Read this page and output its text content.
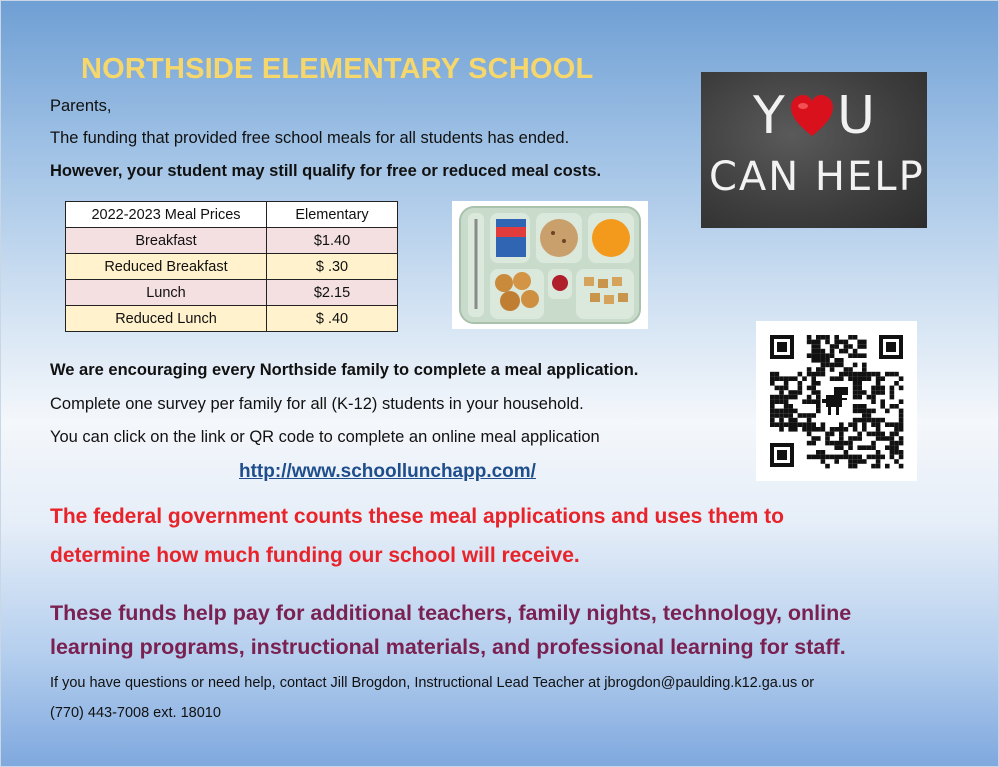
NORTHSIDE ELEMENTARY SCHOOL
Parents,
The funding that provided free school meals for all students has ended.
However, your student may still qualify for free or reduced meal costs.
2022-2023 Meal Prices	Elementary
Breakfast	$1.40
Reduced Breakfast	$ .30
Lunch	$2.15
Reduced Lunch	$ .40
Y U
CAN HELP
We are encouraging every Northside family to complete a meal application.
Complete one survey per family for all (K-12) students in your household.
You can click on the link or QR code to complete an online meal application
http://www.schoollunchapp.com/
The federal government counts these meal applications and uses them to
determine how much funding our school will receive.
These funds help pay for additional teachers, family nights, technology, online
learning programs, instructional materials, and professional learning for staff.
If you have questions or need help, contact Jill Brogdon, Instructional Lead Teacher at jbrogdon@paulding.k12.ga.us or
(770) 443-7008 ext. 18010
